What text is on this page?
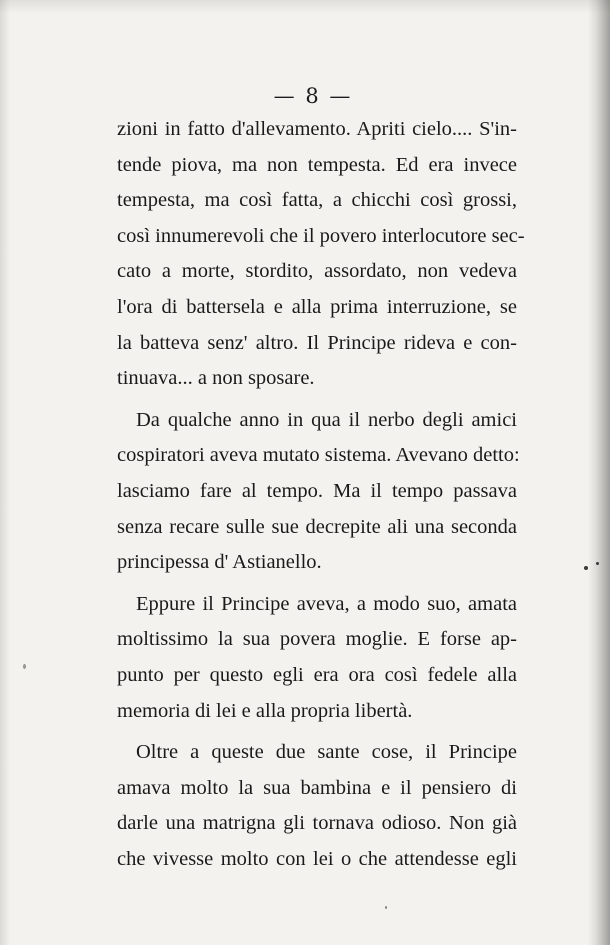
— 8 —
zioni in fatto d'allevamento. Apriti cielo.... S'in-
tende piova, ma non tempesta. Ed era invece
tempesta, ma così fatta, a chicchi così grossi,
così innumerevoli che il povero interlocutore sec-
cato a morte, stordito, assordato, non vedeva
l'ora di battersela e alla prima interruzione, se
la batteva senz' altro. Il Principe rideva e con-
tinuava... a non sposare.
Da qualche anno in qua il nerbo degli amici
cospiratori aveva mutato sistema. Avevano detto:
lasciamo fare al tempo. Ma il tempo passava
senza recare sulle sue decrepite ali una seconda
principessa d' Astianello.
Eppure il Principe aveva, a modo suo, amata
moltissimo la sua povera moglie. E forse ap-
punto per questo egli era ora così fedele alla
memoria di lei e alla propria libertà.
Oltre a queste due sante cose, il Principe
amava molto la sua bambina e il pensiero di
darle una matrigna gli tornava odioso. Non già
che vivesse molto con lei o che attendesse egli
